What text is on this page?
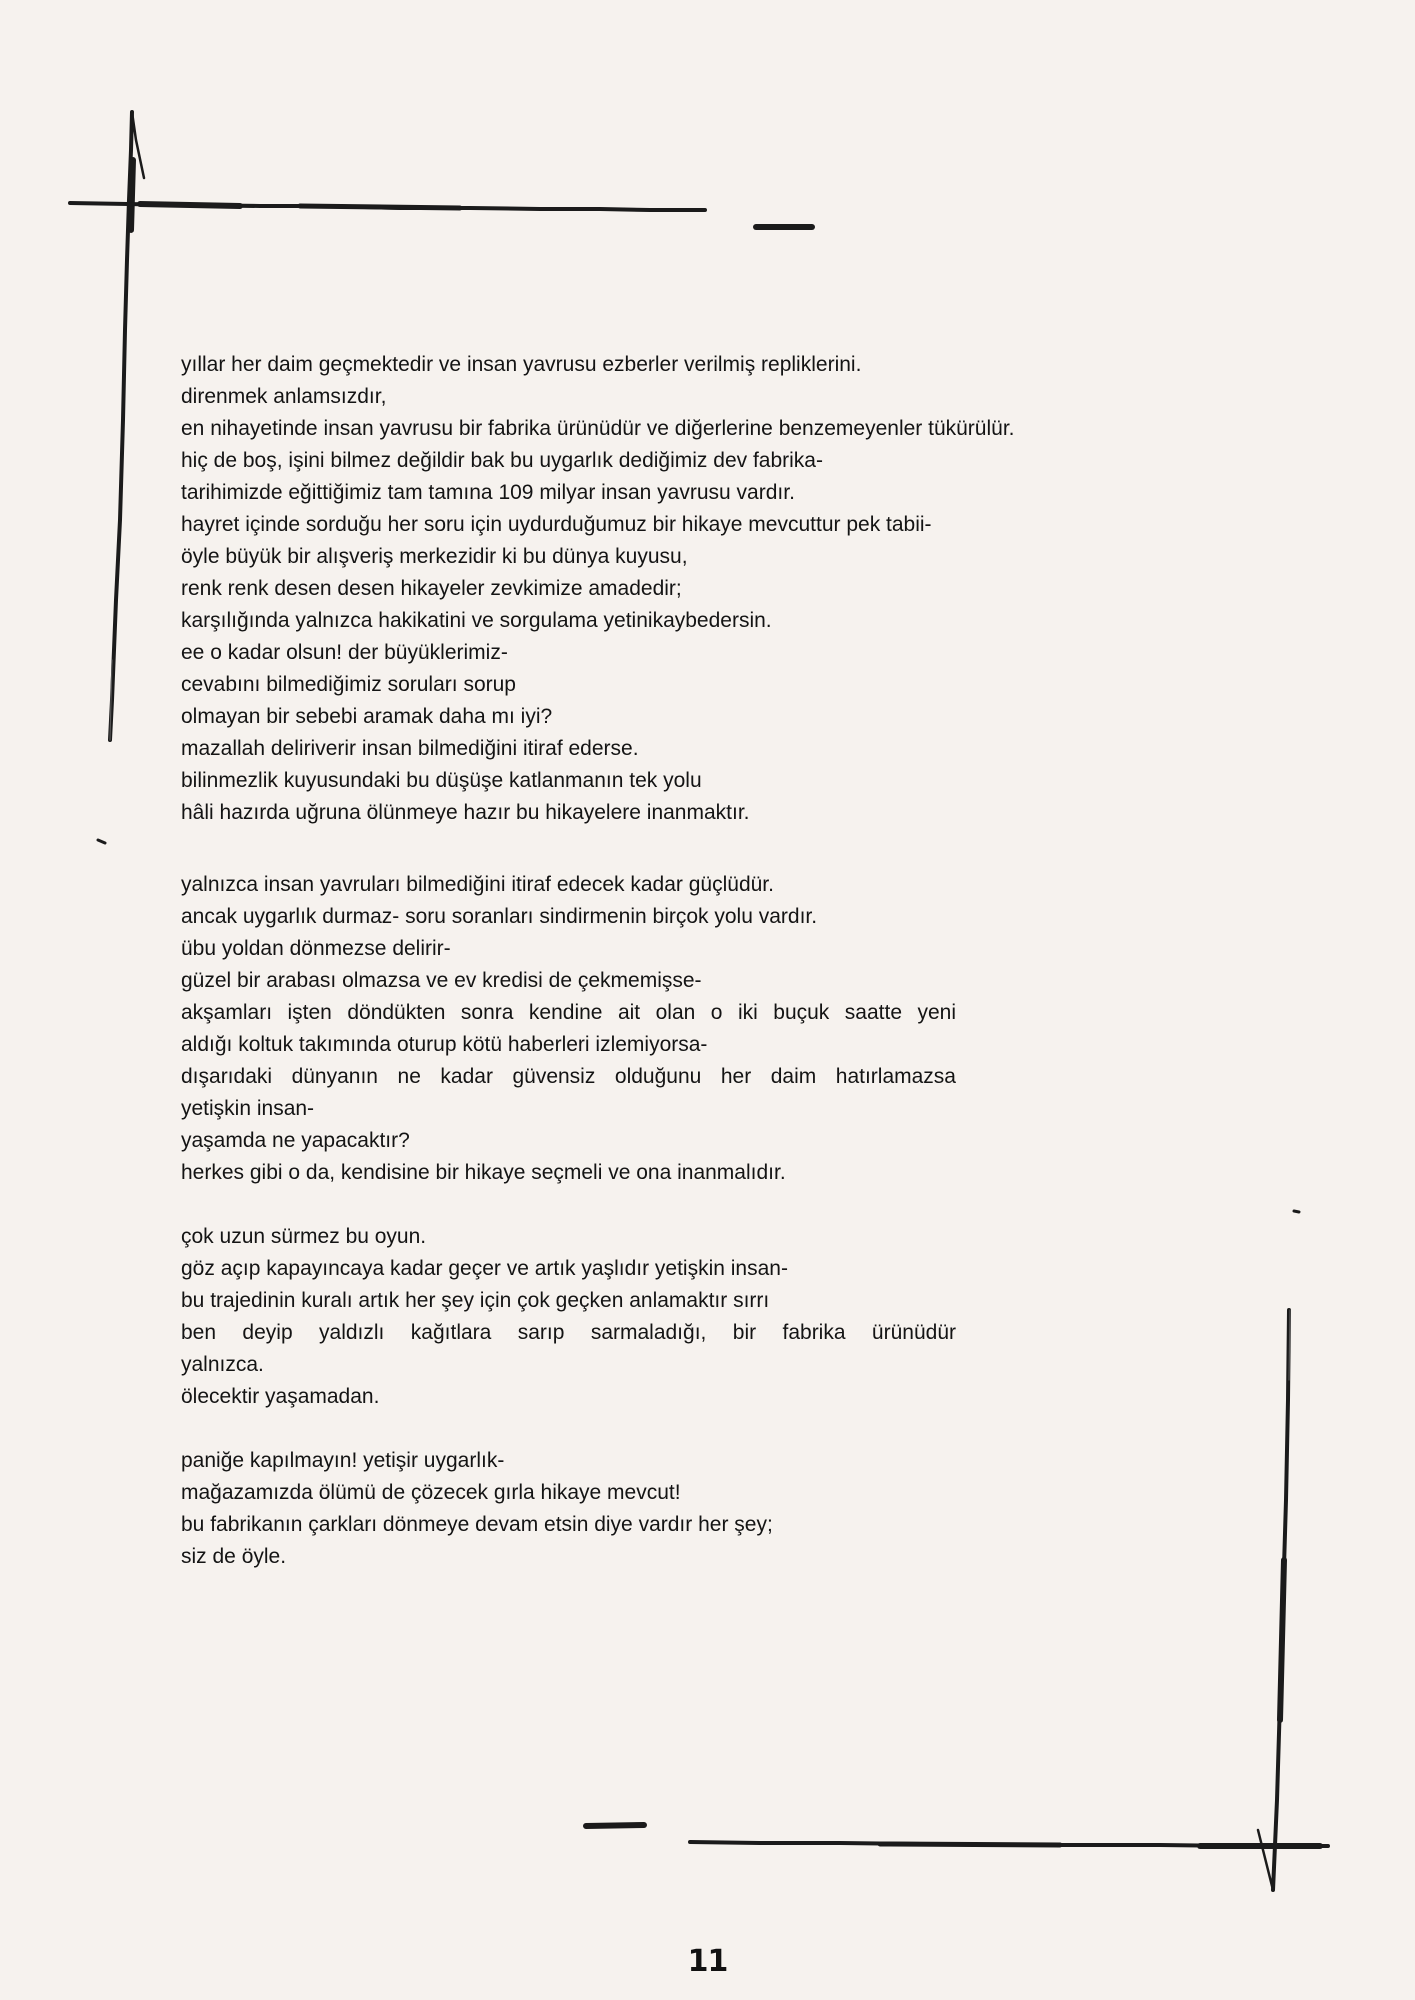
yıllar her daim geçmektedir ve insan yavrusu ezberler verilmiş repliklerini.
direnmek anlamsızdır,
en nihayetinde insan yavrusu bir fabrika ürünüdür ve diğerlerine benzemeyenler tükürülür.
hiç de boş, işini bilmez değildir bak bu uygarlık dediğimiz dev fabrika-
tarihimizde eğittiğimiz tam tamına 109 milyar insan yavrusu vardır.
hayret içinde sorduğu her soru için uydurduğumuz bir hikaye mevcuttur pek tabii-
öyle büyük bir alışveriş merkezidir ki bu dünya kuyusu,
renk renk desen desen hikayeler zevkimize amadedir;
karşılığında yalnızca hakikatini ve sorgulama yetinikaybedersin.
ee o kadar olsun! der büyüklerimiz-
cevabını bilmediğimiz soruları sorup
olmayan bir sebebi aramak daha mı iyi?
mazallah deliriverir insan bilmediğini itiraf ederse.
bilinmezlik kuyusundaki bu düşüşe katlanmanın tek yolu
hâli hazırda uğruna ölünmeye hazır bu hikayelere inanmaktır.
yalnızca insan yavruları bilmediğini itiraf edecek kadar güçlüdür.
ancak uygarlık durmaz- soru soranları sindirmenin birçok yolu vardır.
übu yoldan dönmezse delirir-
güzel bir arabası olmazsa ve ev kredisi de çekmemişse-
akşamları işten döndükten sonra kendine ait olan o iki buçuk saatte yeni
aldığı koltuk takımında oturup kötü haberleri izlemiyorsa-
dışarıdaki dünyanın ne kadar güvensiz olduğunu her daim hatırlamazsa
yetişkin insan-
yaşamda ne yapacaktır?
herkes gibi o da, kendisine bir hikaye seçmeli ve ona inanmalıdır.
çok uzun sürmez bu oyun.
göz açıp kapayıncaya kadar geçer ve artık yaşlıdır yetişkin insan-
bu trajedinin kuralı artık her şey için çok geçken anlamaktır sırrı
ben deyip yaldızlı kağıtlara sarıp sarmaladığı, bir fabrika ürünüdür
yalnızca.
ölecektir yaşamadan.
paniğe kapılmayın! yetişir uygarlık-
mağazamızda ölümü de çözecek gırla hikaye mevcut!
bu fabrikanın çarkları dönmeye devam etsin diye vardır her şey;
siz de öyle.
11
